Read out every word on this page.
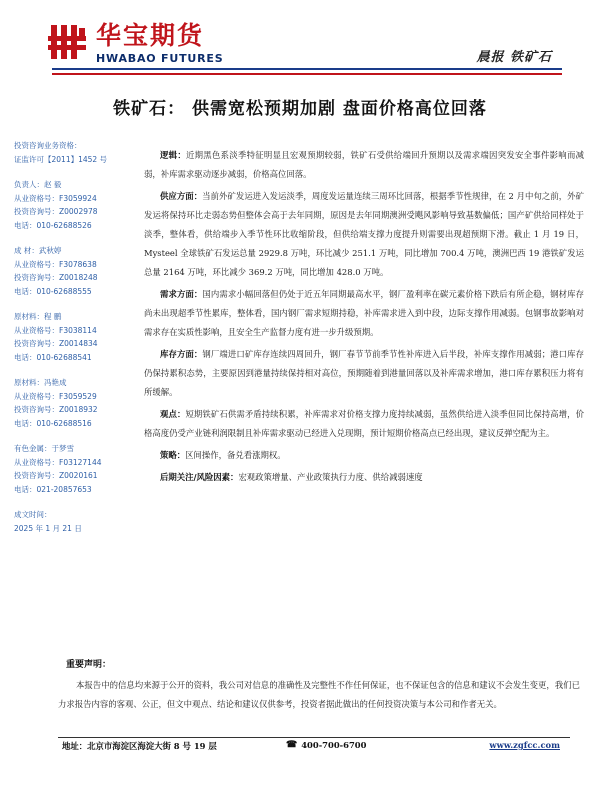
华宝期货
HWABAO FUTURES	晨报 铁矿石
铁矿石： 供需宽松预期加剧 盘面价格高位回落
投资咨询业务资格：
证监许可【2011】1452 号
负责人：赵 毅
从业资格号：F3059924
投资咨询号：Z0002978
电话：010-62688526
成 材：武秋婷
从业资格号：F3078638
投资咨询号：Z0018248
电话：010-62688555
原材料：程 鹏
从业资格号：F3038114
投资咨询号：Z0014834
电话：010-62688541
原材料：冯艳成
从业资格号：F3059529
投资咨询号：Z0018932
电话：010-62688516
有色金属：于梦雪
从业资格号：F03127144
投资咨询号：Z0020161
电话：021-20857653
成文时间：
2025 年 1 月 21 日

逻辑：近期黑色系淡季特征明显且宏观预期较弱，铁矿石受供给端回升预期以及需求端因突发安全事件影响而减弱，补库需求驱动逐步减弱，价格高位回落。

供应方面：当前外矿发运进入发运淡季，周度发运量连续三周环比回落，根据季节性规律，在 2 月中旬之前，外矿发运将保持环比走弱态势但整体会高于去年同期，原因是去年同期澳洲受飓风影响导致基数偏低；国产矿供给同样处于淡季，整体看，供给端步入季节性环比收缩阶段，但供给端支撑力度提升则需要出现超预期下滑。截止 1 月 19 日，Mysteel 全球铁矿石发运总量 2929.8 万吨，环比减少 251.1 万吨，同比增加 700.4 万吨，澳洲巴西 19 港铁矿发运总量 2164 万吨，环比减少 369.2 万吨，同比增加 428.0 万吨。

需求方面：国内需求小幅回落但仍处于近五年同期最高水平，钢厂盈利率在碳元素价格下跌后有所企稳，钢材库存尚未出现超季节性累库，整体看，国内钢厂需求短期持稳，补库需求进入到中段，边际支撑作用减弱。包钢事故影响对需求存在实质性影响，且安全生产监督力度有进一步升级预期。

库存方面：钢厂端进口矿库存连续四周回升，钢厂春节节前季节性补库进入后半段，补库支撑作用减弱；港口库存仍保持累积态势，主要原因到港量持续保持相对高位，预期随着到港量回落以及补库需求增加，港口库存累积压力将有所缓解。

观点：短期铁矿石供需矛盾持续积累，补库需求对价格支撑力度持续减弱，虽然供给进入淡季但同比保持高增，价格高度仍受产业链利润限制且补库需求驱动已经进入兑现期，预计短期价格高点已经出现，建议反弹空配为主。

策略：区间操作，备兑看涨期权。

后期关注/风险因素：宏观政策增量、产业政策执行力度、供给减弱速度

重要声明：

本报告中的信息均来源于公开的资料，我公司对信息的准确性及完整性不作任何保证，也不保证包含的信息和建议不会发生变更，我们已力求报告内容的客观、公正，但文中观点、结论和建议仅供参考，投资者据此做出的任何投资决策与本公司和作者无关。

地址：北京市海淀区海淀大街 8 号 19 层	☎ 400-700-6700	www.zgfcc.com
